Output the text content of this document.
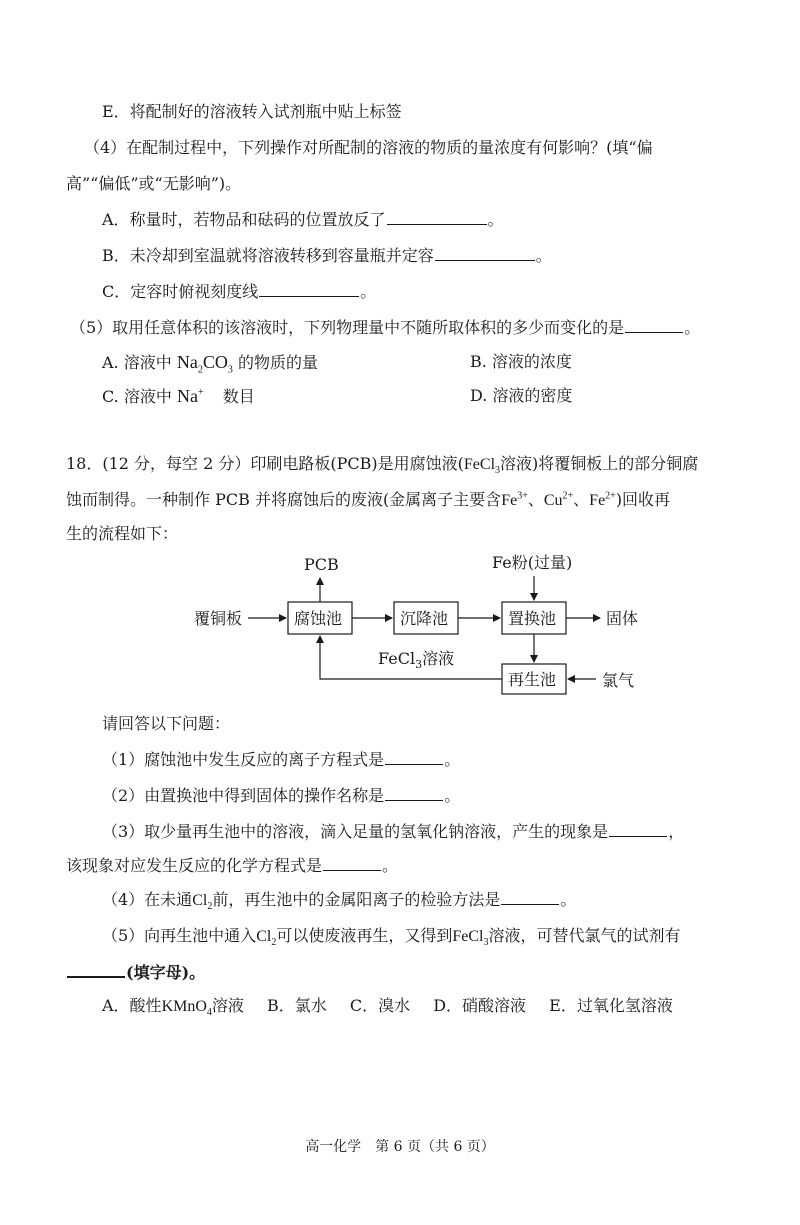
E．将配制好的溶液转入试剂瓶中贴上标签
（4）在配制过程中，下列操作对所配制的溶液的物质的量浓度有何影响？(填“偏
高”“偏低”或“无影响”)。
A．称量时，若物品和砝码的位置放反了	。
B．未冷却到室温就将溶液转移到容量瓶并定容	。
C．定容时俯视刻度线	。
（5）取用任意体积的该溶液时，下列物理量中不随所取体积的多少而变化的是	。
A. 溶液中 $Na_2CO_3$ 的物质的量	B. 溶液的浓度
C. 溶液中 Na+ 数目	D. 溶液的密度
18．(12 分，每空 2 分）印刷电路板(PCB)是用腐蚀液(FeCl$_3$溶液)将覆铜板上的部分铜腐
蚀而制得。一种制作 PCB 并将腐蚀后的废液(金属离子主要含$Fe^{3+}$、$Cu^{2+}$、$Fe^{2+}$)回收再
生的流程如下：
PCB	Fe粉(过量)
腐蚀池	沉降池	置换池
再生池
覆铜板	固体
氯气
FeCl$_3$溶液
请回答以下问题：
（1）腐蚀池中发生反应的离子方程式是	。
（2）由置换池中得到固体的操作名称是	。
（3）取少量再生池中的溶液，滴入足量的氢氧化钠溶液，产生的现象是	，
该现象对应发生反应的化学方程式是	。
（4）在未通$Cl_2$前，再生池中的金属阳离子的检验方法是	。
（5）向再生池中通入$Cl_2$可以使废液再生，又得到FeCl$_3$溶液，可替代氯气的试剂有
(填字母)。
A．酸性KMnO$_4$溶液 B．氯水 C．溴水 D．硝酸溶液 E．过氧化氢溶液
高一化学　第 6 页（共 6 页）
